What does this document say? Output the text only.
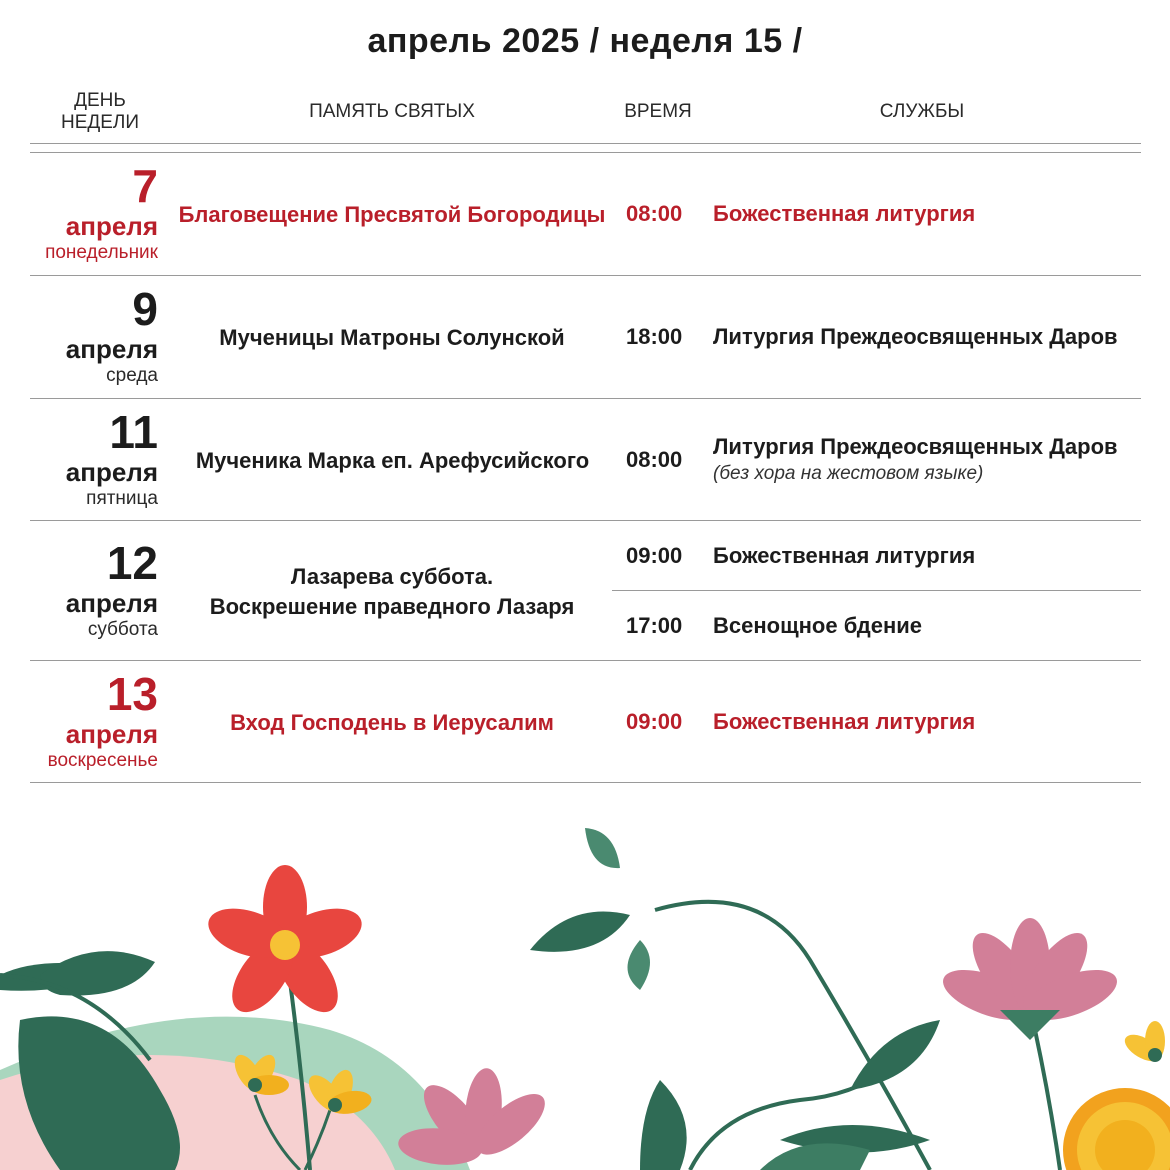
апрель 2025 / неделя 15 /
ДЕНЬ
НЕДЕЛИ
ПАМЯТЬ СВЯТЫХ	ВРЕМЯ	СЛУЖБЫ
7
апреля
понедельник
Благовещение Пресвятой Богородицы 08:00 Божественная литургия
9
апреля
среда
Мученицы Матроны Солунской	18:00 Литургия Преждеосвященных Даров
11
апреля
пятница
Мученика Марка еп. Арефусийского	08:00
Литургия Преждеосвященных Даров
(без хора на жестовом языке)
12
апреля
суббота
Лазарева суббота.
Воскрешение праведного Лазаря
09:00 Божественная литургия
17:00 Всенощное бдение
13
апреля
воскресенье
Вход Господень в Иерусалим	09:00 Божественная литургия
